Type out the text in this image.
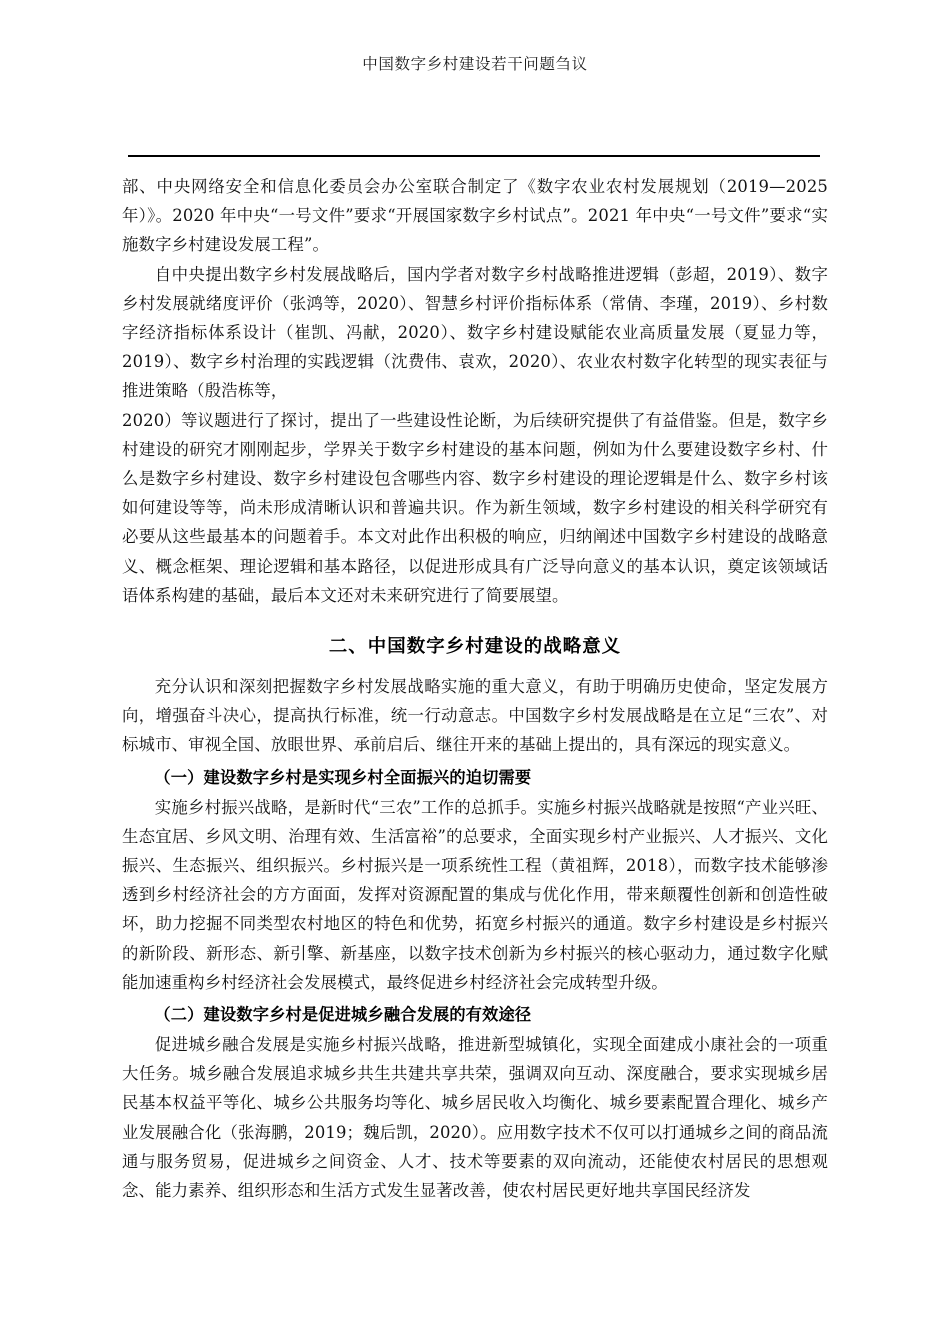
中国数字乡村建设若干问题刍议

部、中央网络安全和信息化委员会办公室联合制定了《数字农业农村发展规划（2019—2025年）》。2020 年中央“一号文件”要求“开展国家数字乡村试点”。2021 年中央“一号文件”要求“实施数字乡村建设发展工程”。

自中央提出数字乡村发展战略后，国内学者对数字乡村战略推进逻辑（彭超，2019）、数字乡村发展就绪度评价（张鸿等，2020）、智慧乡村评价指标体系（常倩、李瑾，2019）、乡村数字经济指标体系设计（崔凯、冯献，2020）、数字乡村建设赋能农业高质量发展（夏显力等，2019）、数字乡村治理的实践逻辑（沈费伟、袁欢，2020）、农业农村数字化转型的现实表征与推进策略（殷浩栋等，

2020）等议题进行了探讨，提出了一些建设性论断，为后续研究提供了有益借鉴。但是，数字乡村建设的研究才刚刚起步，学界关于数字乡村建设的基本问题，例如为什么要建设数字乡村、什么是数字乡村建设、数字乡村建设包含哪些内容、数字乡村建设的理论逻辑是什么、数字乡村该如何建设等等，尚未形成清晰认识和普遍共识。作为新生领域，数字乡村建设的相关科学研究有必要从这些最基本的问题着手。本文对此作出积极的响应，归纳阐述中国数字乡村建设的战略意义、概念框架、理论逻辑和基本路径，以促进形成具有广泛导向意义的基本认识，奠定该领域话语体系构建的基础，最后本文还对未来研究进行了简要展望。

二、中国数字乡村建设的战略意义

充分认识和深刻把握数字乡村发展战略实施的重大意义，有助于明确历史使命，坚定发展方向，增强奋斗决心，提高执行标准，统一行动意志。中国数字乡村发展战略是在立足“三农”、对标城市、审视全国、放眼世界、承前启后、继往开来的基础上提出的，具有深远的现实意义。

（一）建设数字乡村是实现乡村全面振兴的迫切需要

实施乡村振兴战略，是新时代“三农”工作的总抓手。实施乡村振兴战略就是按照“产业兴旺、生态宜居、乡风文明、治理有效、生活富裕”的总要求，全面实现乡村产业振兴、人才振兴、文化振兴、生态振兴、组织振兴。乡村振兴是一项系统性工程（黄祖辉，2018），而数字技术能够渗透到乡村经济社会的方方面面，发挥对资源配置的集成与优化作用，带来颠覆性创新和创造性破坏，助力挖掘不同类型农村地区的特色和优势，拓宽乡村振兴的通道。数字乡村建设是乡村振兴的新阶段、新形态、新引擎、新基座，以数字技术创新为乡村振兴的核心驱动力，通过数字化赋能加速重构乡村经济社会发展模式，最终促进乡村经济社会完成转型升级。

（二）建设数字乡村是促进城乡融合发展的有效途径

促进城乡融合发展是实施乡村振兴战略，推进新型城镇化，实现全面建成小康社会的一项重大任务。城乡融合发展追求城乡共生共建共享共荣，强调双向互动、深度融合，要求实现城乡居民基本权益平等化、城乡公共服务均等化、城乡居民收入均衡化、城乡要素配置合理化、城乡产业发展融合化（张海鹏，2019；魏后凯，2020）。应用数字技术不仅可以打通城乡之间的商品流通与服务贸易，促进城乡之间资金、人才、技术等要素的双向流动，还能使农村居民的思想观念、能力素养、组织形态和生活方式发生显著改善，使农村居民更好地共享国民经济发
